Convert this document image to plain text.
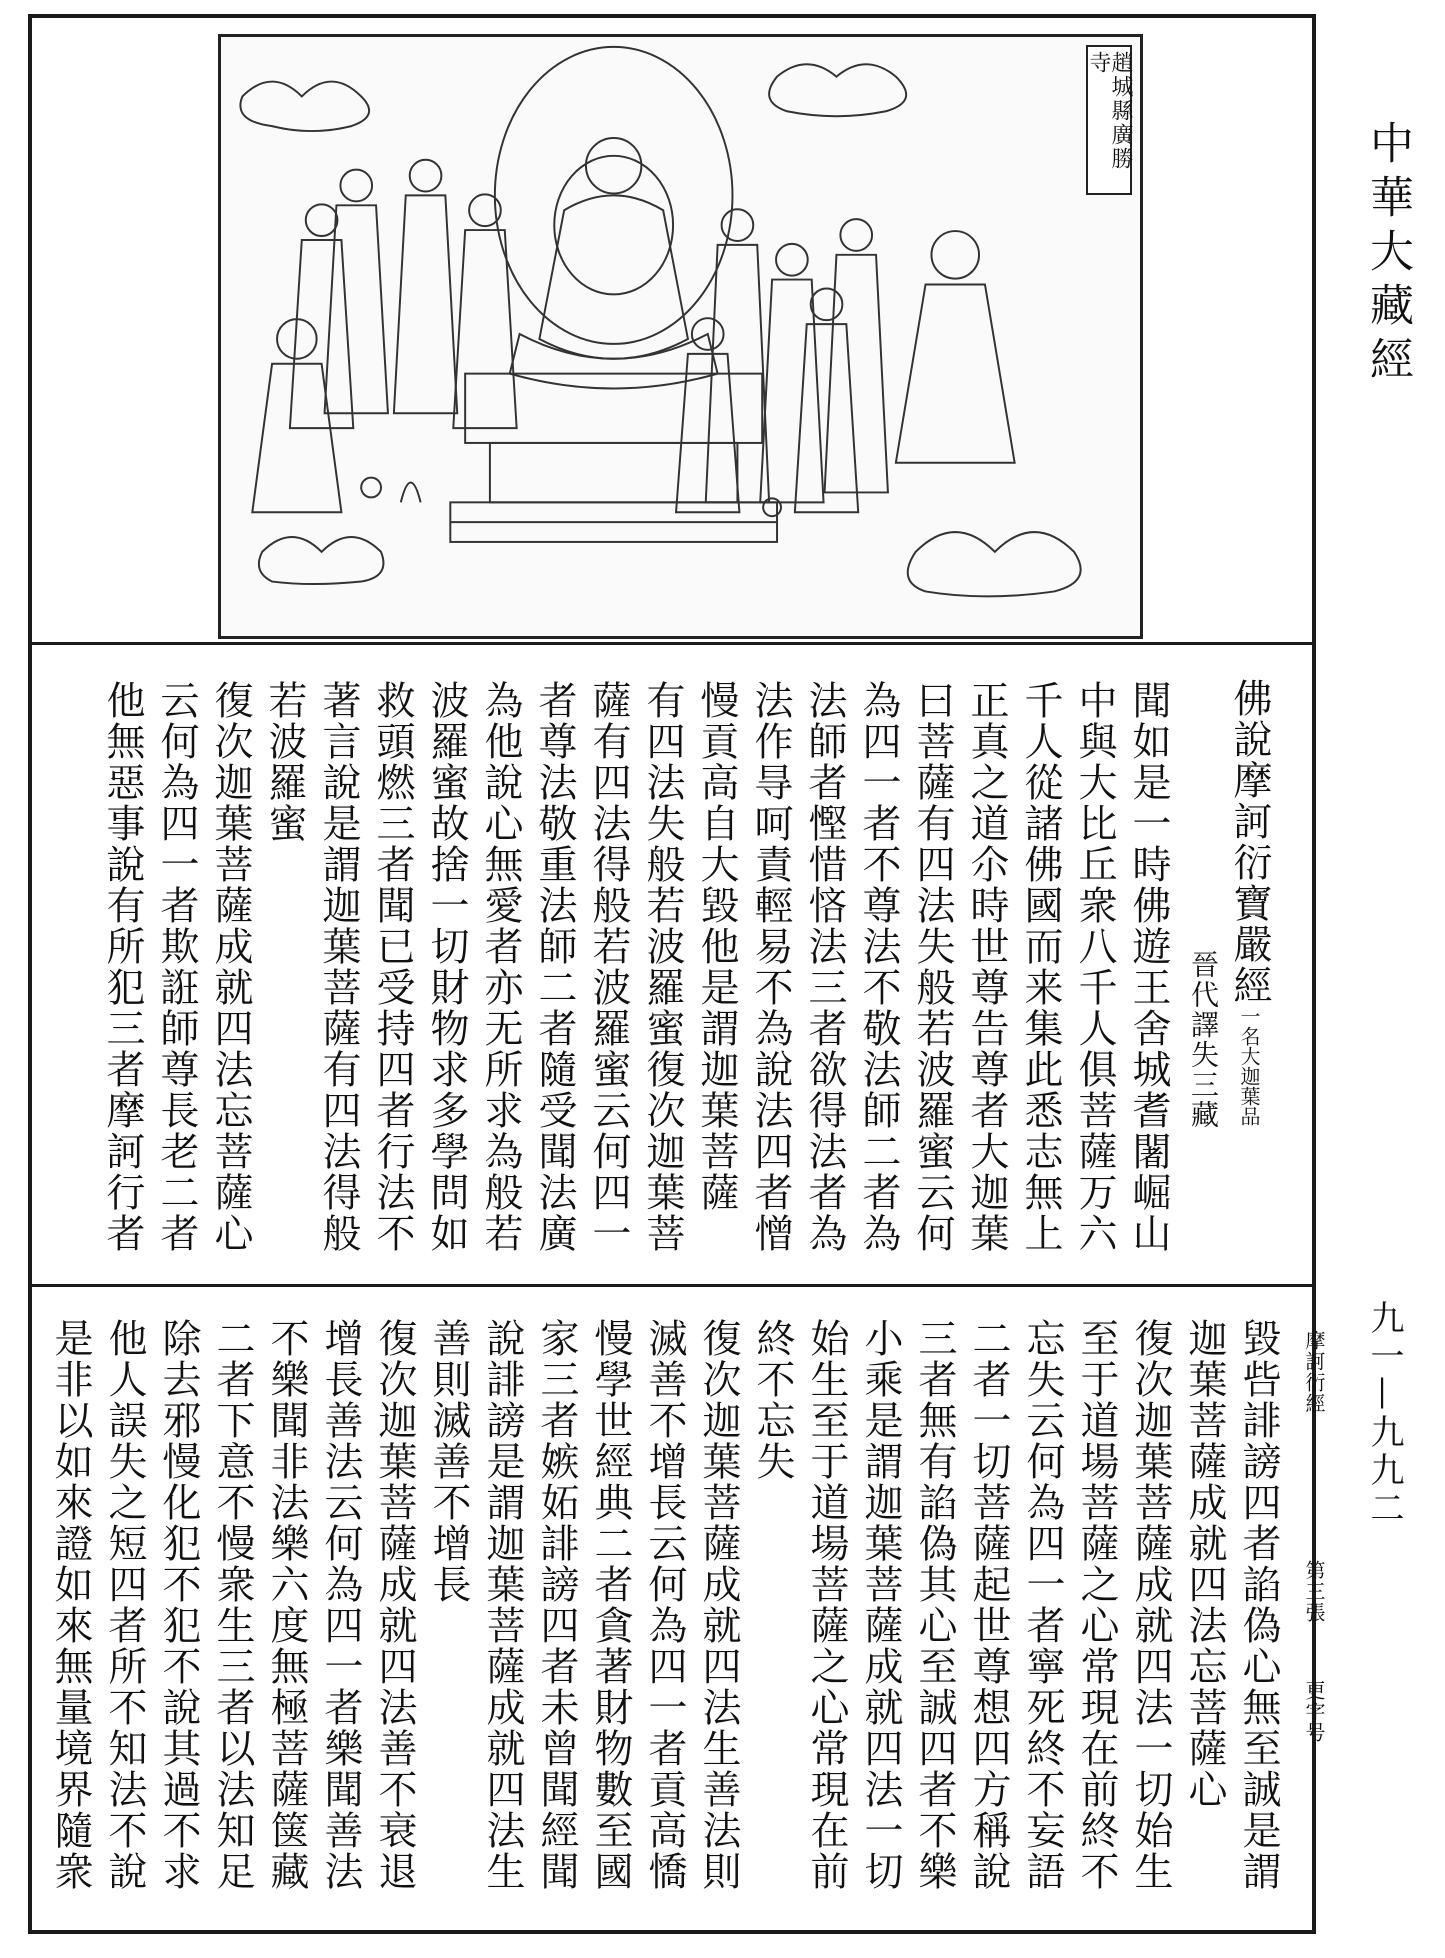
趙城縣廣勝寺
佛說摩訶衍寶嚴經一名大迦葉品
晉代譯失三藏
聞如是一時佛遊王舍城耆闍崛山
中與大比丘衆八千人俱菩薩万六
千人從諸佛國而来集此悉志無上
正真之道尒時世尊告尊者大迦葉
曰菩薩有四法失般若波羅蜜云何
為四一者不尊法不敬法師二者為
法師者慳惜悋法三者欲得法者為
法作㝵呵責輕易不為說法四者憎
慢貢高自大毀他是謂迦葉菩薩
有四法失般若波羅蜜復次迦葉菩
薩有四法得般若波羅蜜云何四一
者尊法敬重法師二者隨受聞法廣
為他說心無愛者亦无所求為般若
波羅蜜故捨一切財物求多學問如
救頭燃三者聞已受持四者行法不
著言說是謂迦葉菩薩有四法得般
若波羅蜜
復次迦葉菩薩成就四法忘菩薩心
云何為四一者欺誑師尊長老二者
他無惡事說有所犯三者摩訶行者
摩訶衍經
第三張
更字号
毀呰誹謗四者諂偽心無至誠是謂
迦葉菩薩成就四法忘菩薩心
復次迦葉菩薩成就四法一切始生
至于道場菩薩之心常現在前終不
忘失云何為四一者寧死終不妄語
二者一切菩薩起世尊想四方稱說
三者無有諂偽其心至誠四者不樂
小乘是謂迦葉菩薩成就四法一切
始生至于道場菩薩之心常現在前
終不忘失
復次迦葉菩薩成就四法生善法則
滅善不增長云何為四一者貢高憍
慢學世經典二者貪著財物數至國
家三者嫉妬誹謗四者未曾聞經聞
說誹謗是謂迦葉菩薩成就四法生
善則滅善不增長
復次迦葉菩薩成就四法善不衰退
增長善法云何為四一者樂聞善法
不樂聞非法樂六度無極菩薩箧藏
二者下意不慢衆生三者以法知足
除去邪慢化犯不犯不說其過不求
他人誤失之短四者所不知法不說
是非以如來證如來無量境界隨衆
中華大藏經
九一—九九二
